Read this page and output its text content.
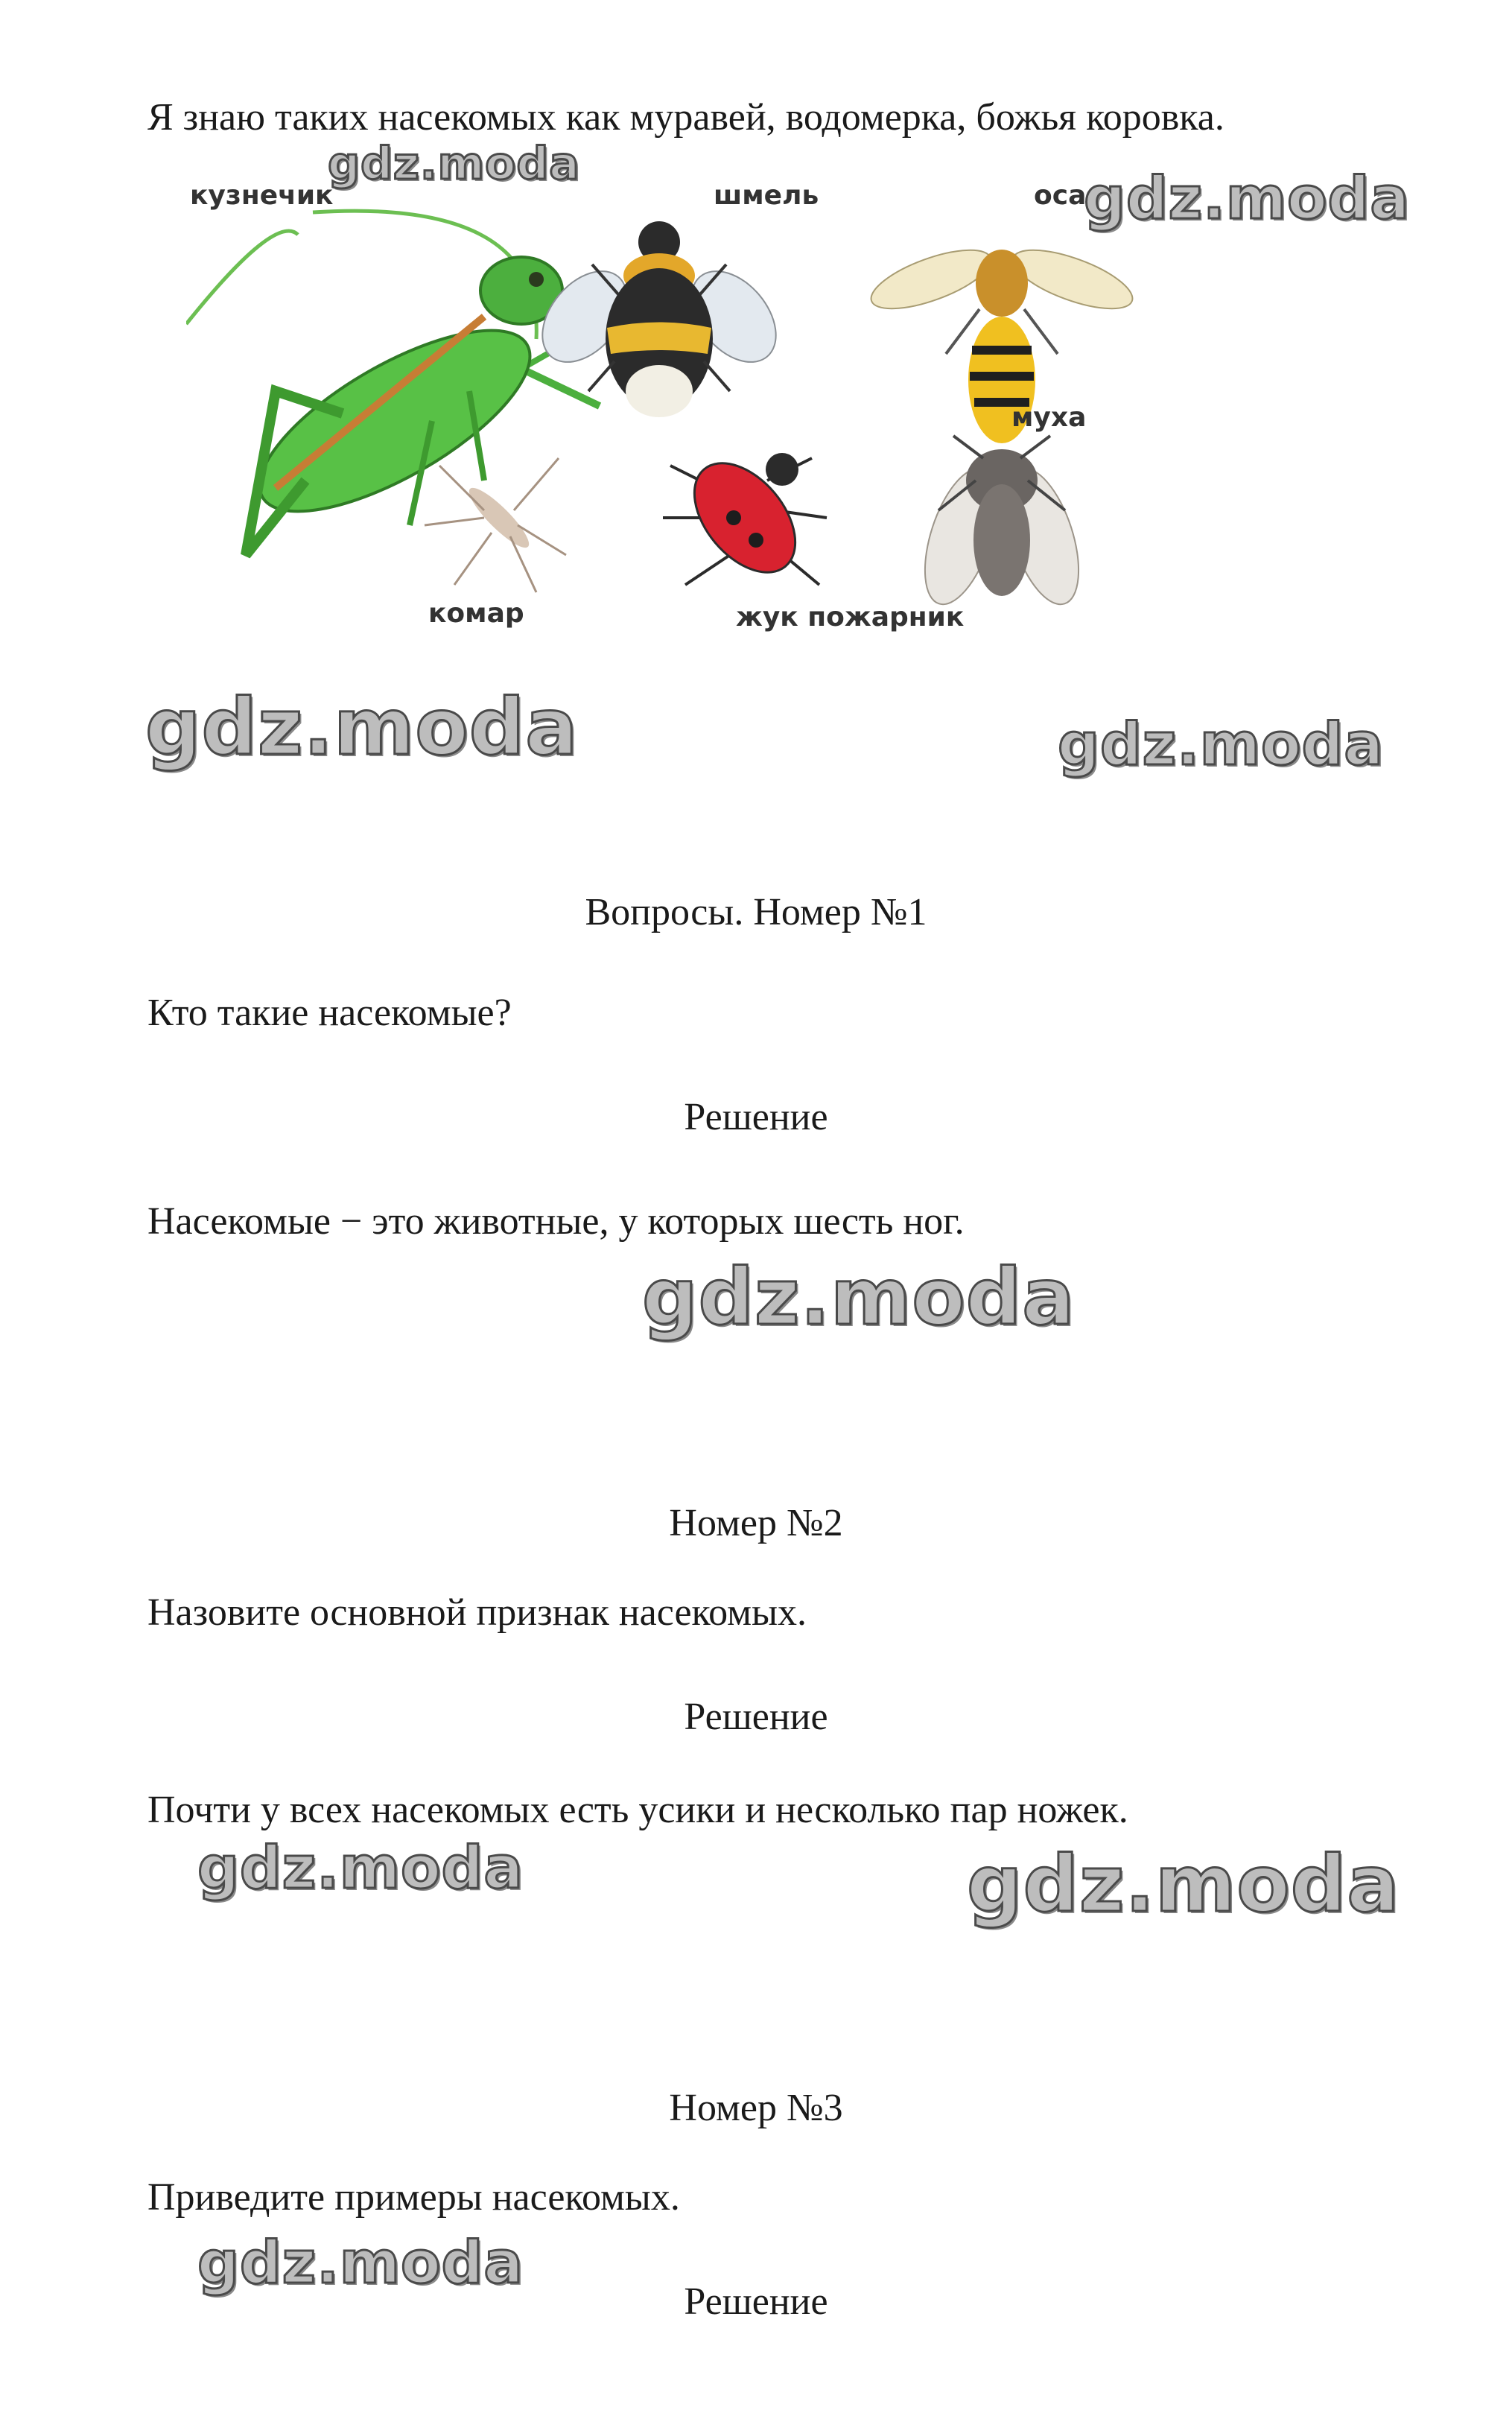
Я знаю таких насекомых как муравей, водомерка, божья коровка.
кузнечик	шмель	оса
муха
комар	жук пожарник
gdz.moda
gdz.moda
gdz.moda	gdz.moda
gdz.moda
gdz.moda	gdz.moda
gdz.moda
Вопросы. Номер №1
Кто такие насекомые?
Решение
Насекомые − это животные, у которых шесть ног.
Номер №2
Назовите основной признак насекомых.
Решение
Почти у всех насекомых есть усики и несколько пар ножек.
Номер №3
Приведите примеры насекомых.
Решение
